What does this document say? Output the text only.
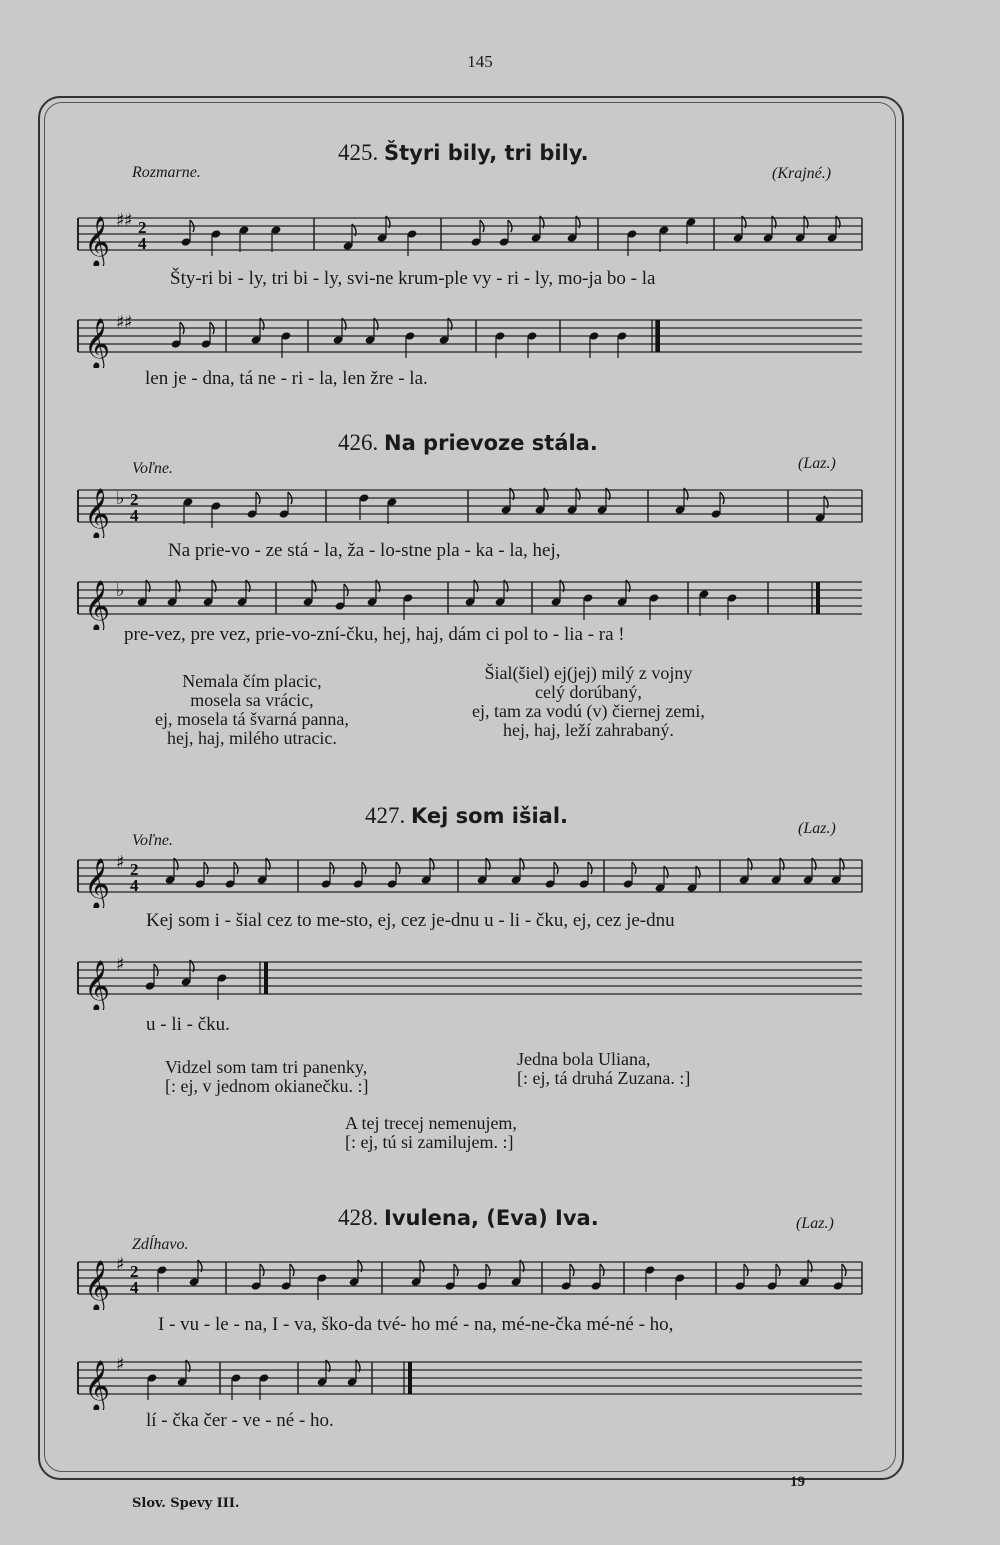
145
Rozmarne.
425. Štyri bily, tri bily.
(Krajné.)
𝄞 ♯ ♯ 2
4
Šty-ri bi - ly, tri bi - ly, svi-ne krum-ple vy - ri - ly, mo-ja bo - la
𝄞 ♯ ♯
len je - dna, tá ne - ri - la, len žre - la.
426. Na prievoze stála.
Voľne.	(Laz.)
𝄞 ♭ 2
4
Na prie-vo - ze stá - la, ža - lo-stne pla - ka - la, hej,
𝄞 ♭
pre-vez, pre vez, prie-vo-zní-čku, hej, haj, dám ci pol to - lia - ra !
Nemala čím placic,
mosela sa vrácic,
ej, mosela tá švarná panna,
hej, haj, milého utracic.
Šial(šiel) ej(jej) milý z vojny
celý dorúbaný,
ej, tam za vodú (v) čiernej zemi,
hej, haj, leží zahrabaný.
427. Kej som išial.
Voľne.
(Laz.)
𝄞 ♯ 2
4
Kej som i - šial cez to me-sto, ej, cez je-dnu u - li - čku, ej, cez je-dnu
𝄞 ♯
u - li - čku.
Vidzel som tam tri panenky,
[: ej, v jednom okianečku. :]
Jedna bola Uliana,
[: ej, tá druhá Zuzana. :]
A tej trecej nemenujem,
[: ej, tú si zamilujem. :]
428. Ivulena, (Eva) Iva.
Zdĺhavo.
(Laz.)
𝄞 ♯ 2
4
I - vu - le - na, I - va, ško-da tvé- ho mé - na, mé-ne-čka mé-né - ho,
𝄞 ♯
lí - čka čer - ve - né - ho.
19
Slov. Spevy III.
